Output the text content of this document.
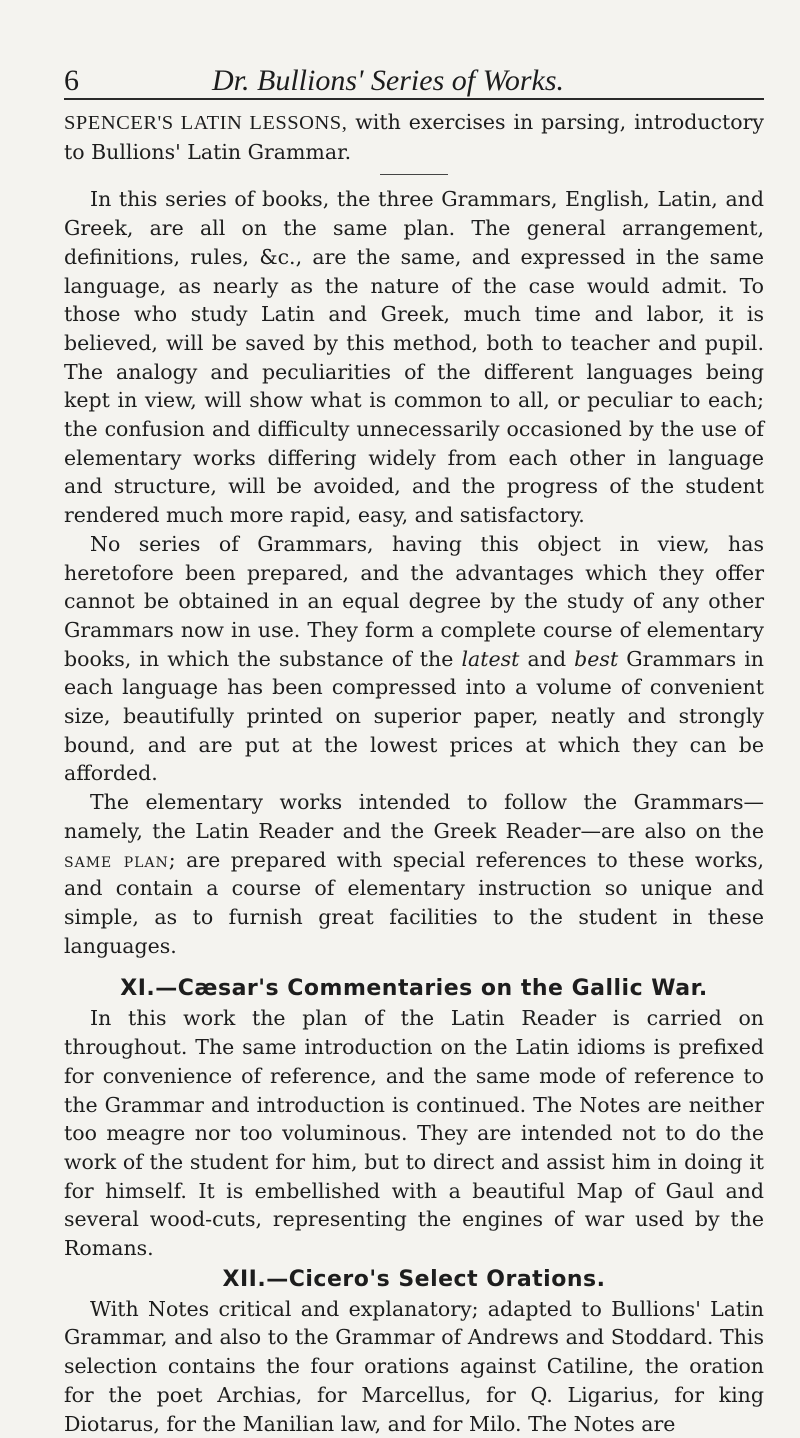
6	Dr. Bullions' Series of Works.

SPENCER'S LATIN LESSONS, with exercises in parsing, introductory to Bullions' Latin Grammar.

In this series of books, the three Grammars, English, Latin, and Greek, are all on the same plan. The general arrangement, definitions, rules, &c., are the same, and expressed in the same language, as nearly as the nature of the case would admit. To those who study Latin and Greek, much time and labor, it is believed, will be saved by this method, both to teacher and pupil. The analogy and peculiarities of the different languages being kept in view, will show what is common to all, or peculiar to each; the confusion and difficulty unnecessarily occasioned by the use of elementary works differing widely from each other in language and structure, will be avoided, and the progress of the student rendered much more rapid, easy, and satisfactory.

No series of Grammars, having this object in view, has heretofore been prepared, and the advantages which they offer cannot be obtained in an equal degree by the study of any other Grammars now in use. They form a complete course of elementary books, in which the substance of the latest and best Grammars in each language has been compressed into a volume of convenient size, beautifully printed on superior paper, neatly and strongly bound, and are put at the lowest prices at which they can be afforded.

The elementary works intended to follow the Grammars—namely, the Latin Reader and the Greek Reader—are also on the same plan; are prepared with special references to these works, and contain a course of elementary instruction so unique and simple, as to furnish great facilities to the student in these languages.

XI.—Cæsar's Commentaries on the Gallic War.

In this work the plan of the Latin Reader is carried on throughout. The same introduction on the Latin idioms is prefixed for convenience of reference, and the same mode of reference to the Grammar and introduction is continued. The Notes are neither too meagre nor too voluminous. They are intended not to do the work of the student for him, but to direct and assist him in doing it for himself. It is embellished with a beautiful Map of Gaul and several wood-cuts, representing the engines of war used by the Romans.

XII.—Cicero's Select Orations.

With Notes critical and explanatory; adapted to Bullions' Latin Grammar, and also to the Grammar of Andrews and Stoddard. This selection contains the four orations against Catiline, the oration for the poet Archias, for Marcellus, for Q. Ligarius, for king Diotarus, for the Manilian law, and for Milo. The Notes are
